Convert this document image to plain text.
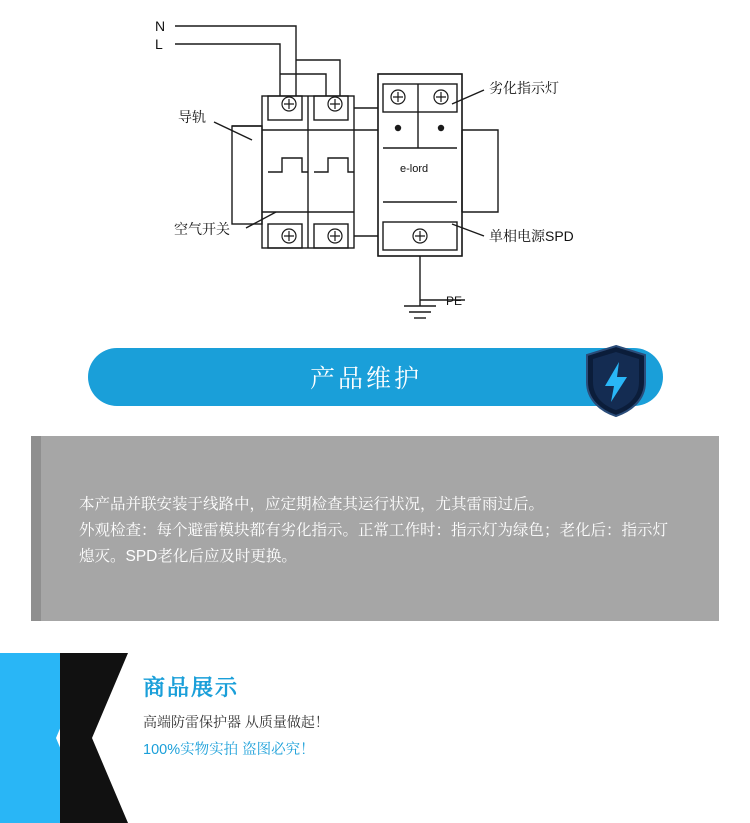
N
L
导轨
空气开关
劣化指示灯
单相电源SPD
PE
e-lord
产品维护

本产品并联安装于线路中，应定期检查其运行状况，尤其雷雨过后。

外观检查：每个避雷模块都有劣化指示。正常工作时：指示灯为绿色；老化后：指示灯

熄灭。SPD老化后应及时更换。

商品展示

高端防雷保护器 从质量做起！

100%实物实拍 盗图必究！
